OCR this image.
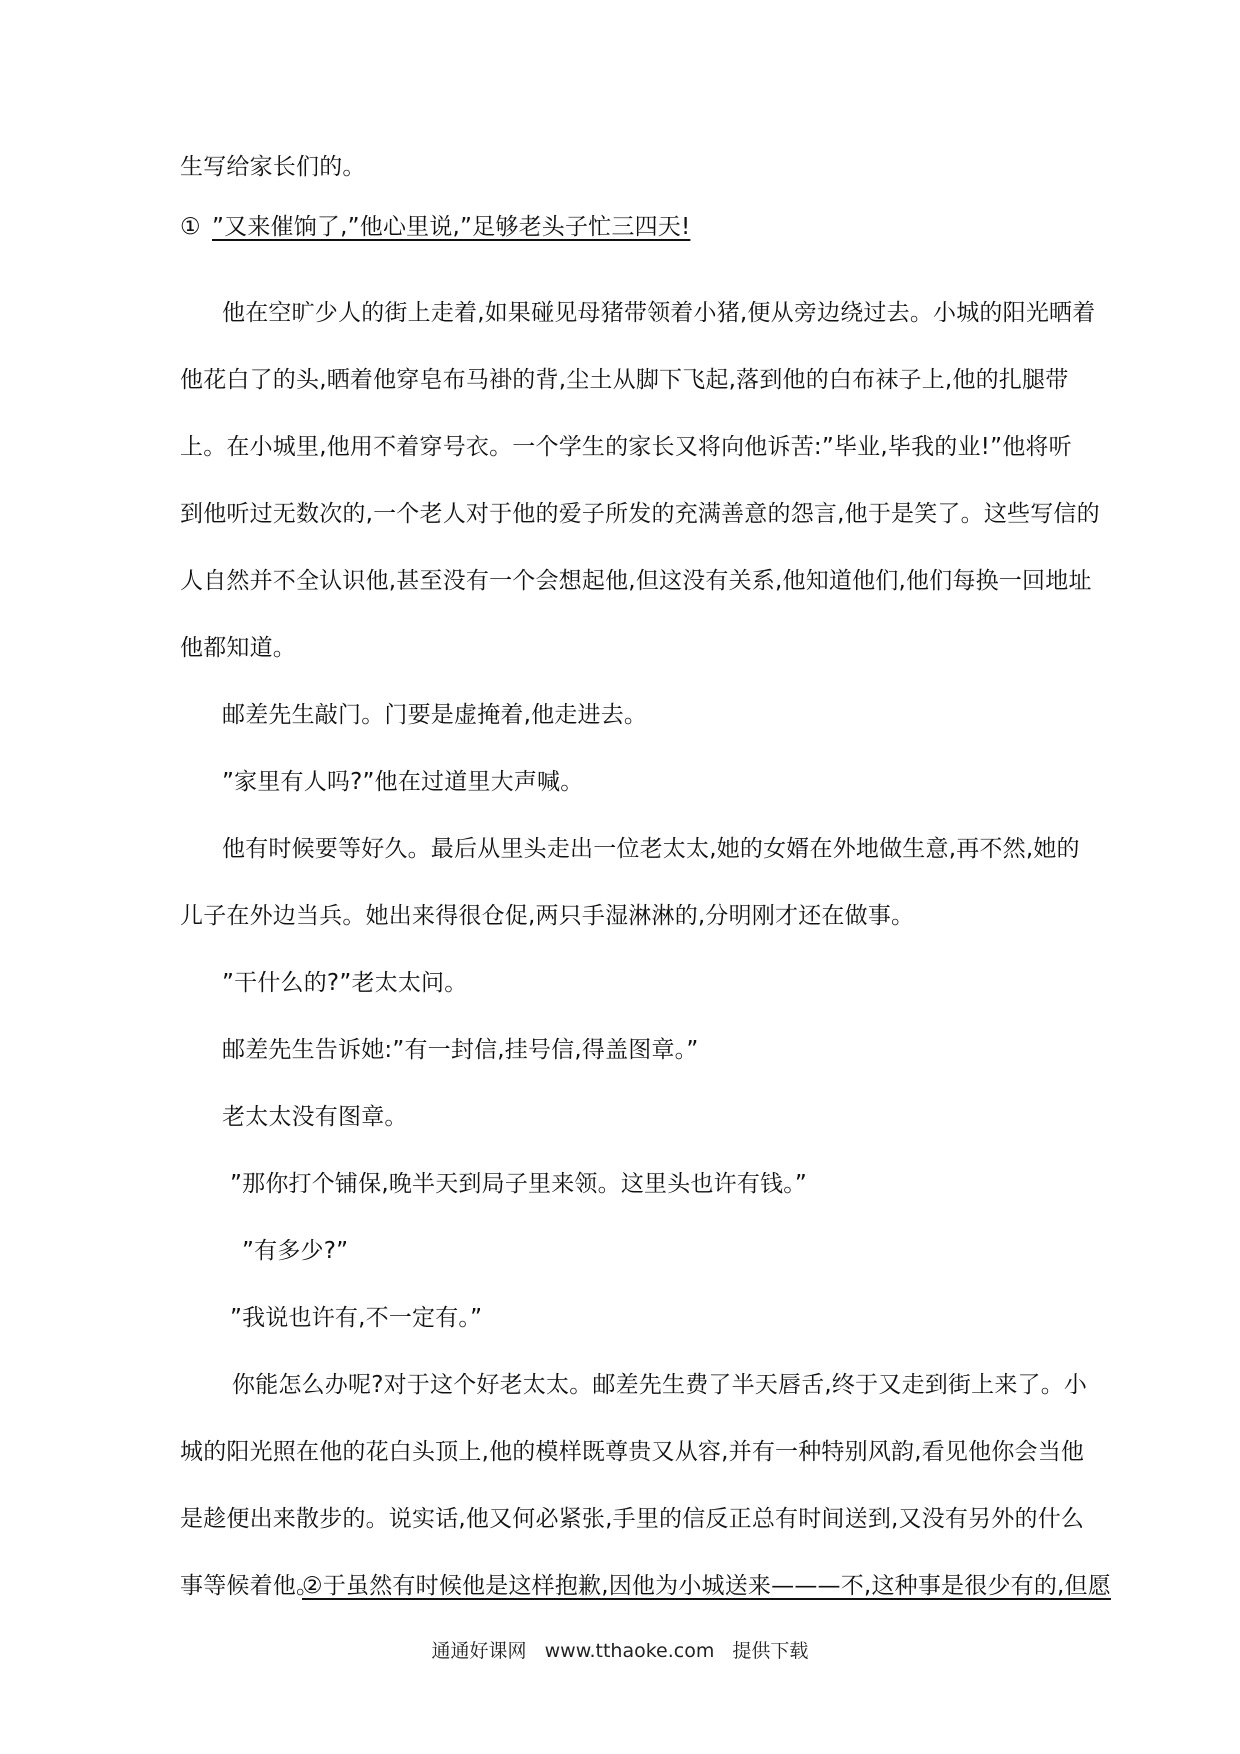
生写给家长们的。
① ”又来催饷了,”他心里说,”足够老头子忙三四天!
他在空旷少人的街上走着,如果碰见母猪带领着小猪,便从旁边绕过去。小城的阳光晒着
他花白了的头,晒着他穿皂布马褂的背,尘土从脚下飞起,落到他的白布袜子上,他的扎腿带
上。在小城里,他用不着穿号衣。一个学生的家长又将向他诉苦:”毕业,毕我的业!”他将听
到他听过无数次的,一个老人对于他的爱子所发的充满善意的怨言,他于是笑了。这些写信的
人自然并不全认识他,甚至没有一个会想起他,但这没有关系,他知道他们,他们每换一回地址
他都知道。
邮差先生敲门。门要是虚掩着,他走进去。
”家里有人吗?”他在过道里大声喊。
他有时候要等好久。最后从里头走出一位老太太,她的女婿在外地做生意,再不然,她的
儿子在外边当兵。她出来得很仓促,两只手湿淋淋的,分明刚才还在做事。
”干什么的?”老太太问。
邮差先生告诉她:”有一封信,挂号信,得盖图章。”
老太太没有图章。
”那你打个铺保,晚半天到局子里来领。这里头也许有钱。”
”有多少?”
”我说也许有,不一定有。”
你能怎么办呢?对于这个好老太太。邮差先生费了半天唇舌,终于又走到街上来了。小
城的阳光照在他的花白头顶上,他的模样既尊贵又从容,并有一种特别风韵,看见他你会当他
是趁便出来散步的。说实话,他又何必紧张,手里的信反正总有时间送到,又没有另外的什么
事等候着他。
②于虽然有时候他是这样抱歉,因他为小城送来———不,这种事是很少有的,但愿
通通好课网 www.tthaoke.com 提供下载
